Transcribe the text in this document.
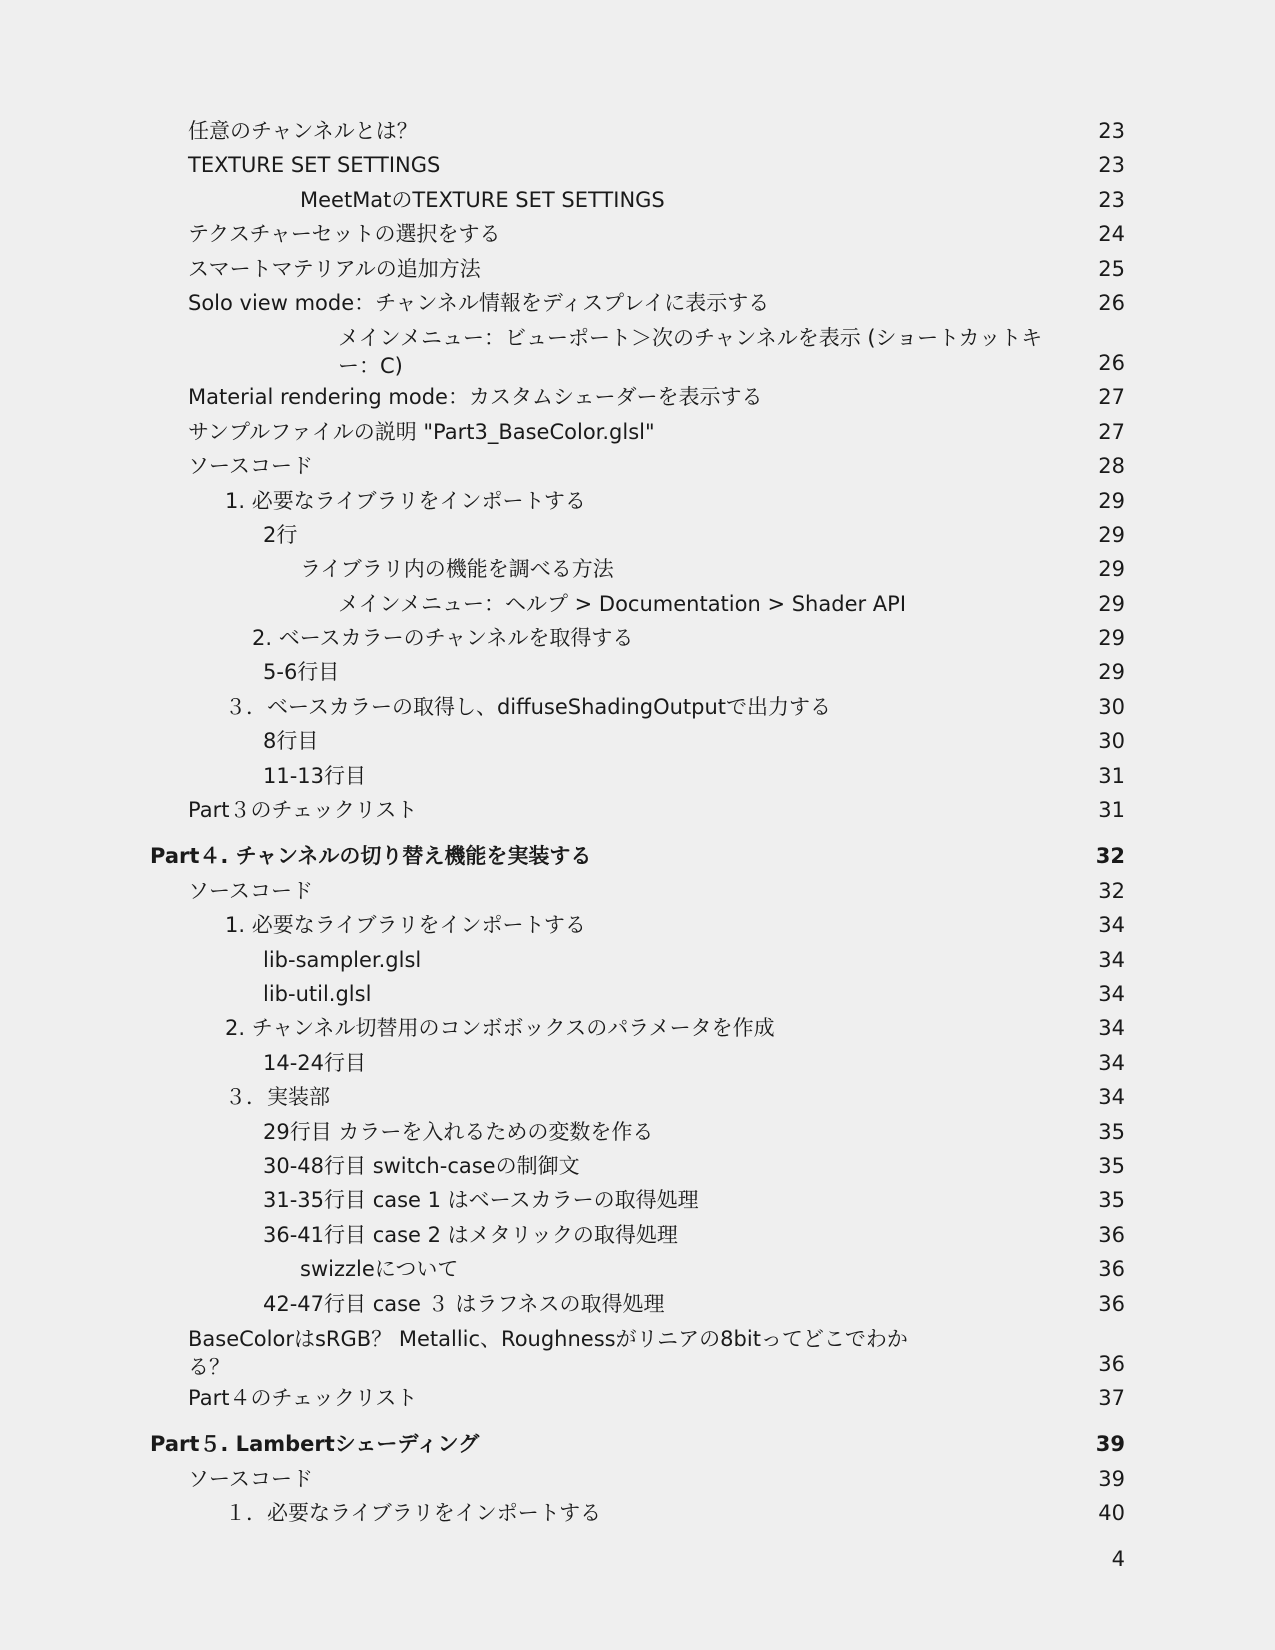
任意のチャンネルとは？	23
TEXTURE SET SETTINGS	23
MeetMatのTEXTURE SET SETTINGS	23
テクスチャーセットの選択をする	24
スマートマテリアルの追加方法	25
Solo view mode：チャンネル情報をディスプレイに表示する	26
メインメニュー：ビューポート＞次のチャンネルを表示 (ショートカットキー：C)	26
Material rendering mode：カスタムシェーダーを表示する	27
サンプルファイルの説明 "Part3_BaseColor.glsl"	27
ソースコード	28
1. 必要なライブラリをインポートする	29
2行	29
ライブラリ内の機能を調べる方法	29
メインメニュー：ヘルプ > Documentation > Shader API	29
2. ベースカラーのチャンネルを取得する	29
5-6行目	29
３．ベースカラーの取得し、diffuseShadingOutputで出力する	30
8行目	30
11-13行目	31
Part３のチェックリスト	31
Part４. チャンネルの切り替え機能を実装する	32
ソースコード	32
1. 必要なライブラリをインポートする	34
lib-sampler.glsl	34
lib-util.glsl	34
2. チャンネル切替用のコンボボックスのパラメータを作成	34
14-24行目	34
３．実装部	34
29行目 カラーを入れるための変数を作る	35
30-48行目 switch-caseの制御文	35
31-35行目 case 1 はベースカラーの取得処理	35
36-41行目 case 2 はメタリックの取得処理	36
swizzleについて	36
42-47行目 case ３ はラフネスの取得処理	36
BaseColorはsRGB？ Metallic、Roughnessがリニアの8bitってどこでわかる？	36
Part４のチェックリスト	37
Part５. Lambertシェーディング	39
ソースコード	39
１．必要なライブラリをインポートする	40
4
